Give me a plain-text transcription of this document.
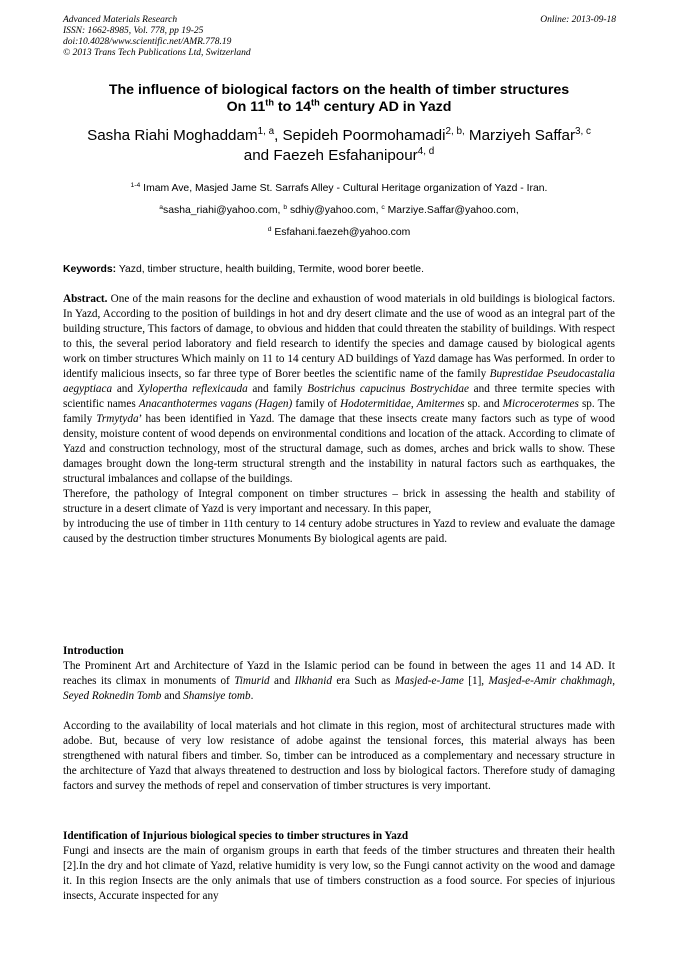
Advanced Materials Research
ISSN: 1662-8985, Vol. 778, pp 19-25
doi:10.4028/www.scientific.net/AMR.778.19
© 2013 Trans Tech Publications Ltd, Switzerland
Online: 2013-09-18
The influence of biological factors on the health of timber structures
On 11th to 14th century AD in Yazd
Sasha Riahi Moghaddam$^{1, a}$, Sepideh Poormohamadi$^{2, b,}$ Marziyeh Saffar$^{3, c}$
and Faezeh Esfahanipour$^{4, d}$
$^{1-4}$ Imam Ave, Masjed Jame St. Sarrafs Alley - Cultural Heritage organization of Yazd - Iran.
$^a$sasha_riahi@yahoo.com, $^b$ sdhiy@yahoo.com, $^c$ Marziye.Saffar@yahoo.com,
$^d$ Esfahani.faezeh@yahoo.com
Keywords: Yazd, timber structure, health building, Termite, wood borer beetle.

Abstract. One of the main reasons for the decline and exhaustion of wood materials in old buildings is biological factors. In Yazd, According to the position of buildings in hot and dry desert climate and the use of wood as an integral part of the building structure, This factors of damage, to obvious and hidden that could threaten the stability of buildings. With respect to this, the several period laboratory and field research to identify the species and damage caused by biological agents work on timber structures Which mainly on 11 to 14 century AD buildings of Yazd damage has Was performed. In order to identify malicious insects, so far three type of Borer beetles the scientific name of the family Buprestidae Pseudocastalia aegyptiaca and Xylopertha reflexicauda and family Bostrichus capucinus Bostrychidae and three termite species with scientific names Anacanthotermes vagans (Hagen) family of Hodotermitidae, Amitermes sp. and Microcerotermes sp. The family Trmytyda’ has been identified in Yazd. The damage that these insects create many factors such as type of wood density, moisture content of wood depends on environmental conditions and location of the attack. According to climate of Yazd and construction technology, most of the structural damage, such as domes, arches and brick walls to show. These damages brought down the long-term structural strength and the instability in natural factors such as earthquakes, the structural imbalances and collapse of the buildings.

Therefore, the pathology of Integral component on timber structures – brick in assessing the health and stability of structure in a desert climate of Yazd is very important and necessary. In this paper,

by introducing the use of timber in 11th century to 14 century adobe structures in Yazd to review and evaluate the damage caused by the destruction timber structures Monuments By biological agents are paid.

Introduction
The Prominent Art and Architecture of Yazd in the Islamic period can be found in between the ages 11 and 14 AD. It reaches its climax in monuments of Timurid and Ilkhanid era Such as Masjed-e-Jame [1], Masjed-e-Amir chakhmagh, Seyed Roknedin Tomb and Shamsiye tomb.
According to the availability of local materials and hot climate in this region, most of architectural structures made with adobe. But, because of very low resistance of adobe against the tensional forces, this material always has been strengthened with natural fibers and timber. So, timber can be introduced as a complementary and necessary structure in the architecture of Yazd that always threatened to destruction and loss by biological factors. Therefore study of damaging factors and survey the methods of repel and conservation of timber structures is very important.
Identification of Injurious biological species to timber structures in Yazd
Fungi and insects are the main of organism groups in earth that feeds of the timber structures and threaten their health [2].In the dry and hot climate of Yazd, relative humidity is very low, so the Fungi cannot activity on the wood and damage it. In this region Insects are the only animals that use of timbers construction as a food source. For species of injurious insects, Accurate inspected for any
